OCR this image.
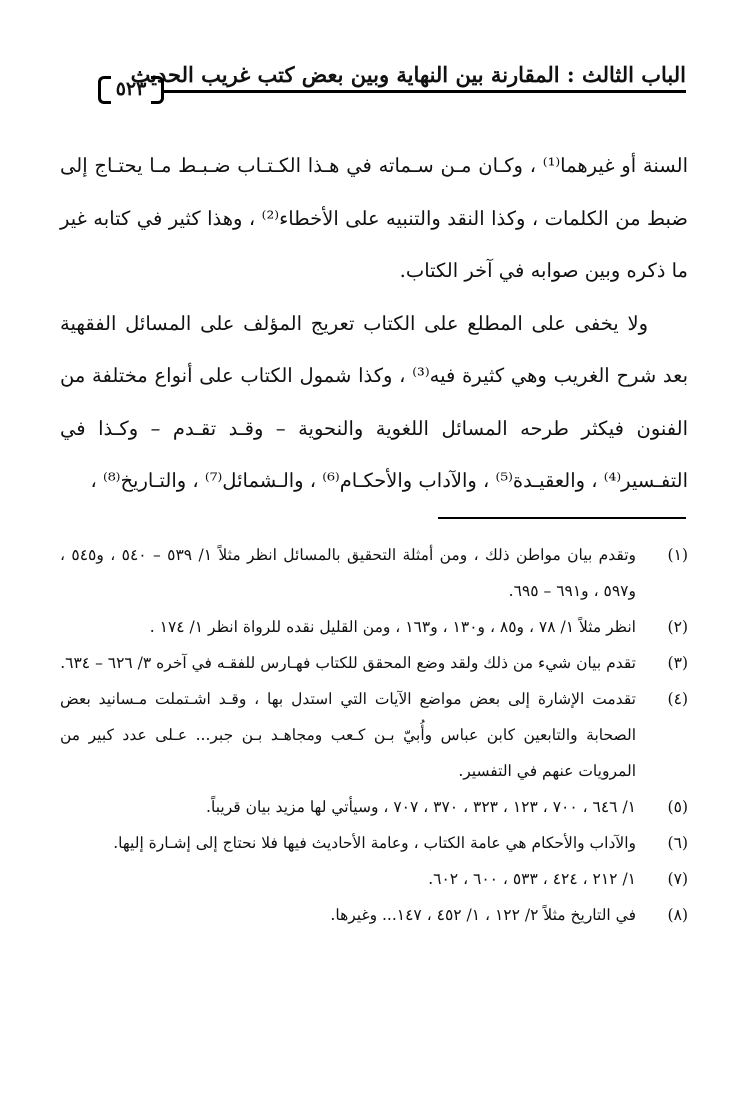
الباب الثالث : المقارنة بين النهاية وبين بعض كتب غريب الحديث
٥٢٣

السنة أو غيرهما⁽¹⁾ ، وكـان مـن سـماته في هـذا الكـتـاب ضـبـط مـا يحتـاج إلى ضبط من الكلمات ، وكذا النقد والتنبيه على الأخطاء⁽²⁾ ، وهذا كثير في كتابه غير ما ذكره وبين صوابه في آخر الكتاب.

ولا يخفى على المطلع على الكتاب تعريج المؤلف على المسائل الفقهية بعد شرح الغريب وهي كثيرة فيه⁽³⁾ ، وكذا شمول الكتاب على أنواع مختلفة من الفنون فيكثر طرحه المسائل اللغوية والنحوية – وقـد تقـدم – وكـذا في التفـسير⁽⁴⁾ ، والعقيـدة⁽⁵⁾ ، والآداب والأحكـام⁽⁶⁾ ، والـشمائل⁽⁷⁾ ، والتـاريخ⁽⁸⁾ ،

(١)
وتقدم بيان مواطن ذلك ، ومن أمثلة التحقيق بالمسائل انظر مثلاً ١/ ٥٣٩ – ٥٤٠ ، و٥٤٥ ، و٥٩٧ ، و٦٩١ – ٦٩٥.
(٢)
انظر مثلاً ١/ ٧٨ ، و٨٥ ، و١٣٠ ، و١٦٣ ، ومن القليل نقده للرواة انظر ١/ ١٧٤ .
(٣)
تقدم بيان شيء من ذلك ولقد وضع المحقق للكتاب فهـارس للفقـه في آخره ٣/ ٦٢٦ – ٦٣٤.
(٤)
تقدمت الإشارة إلى بعض مواضع الآيات التي استدل بها ، وقـد اشـتملت مـسانيد بعض الصحابة والتابعين كابن عباس وأُبيّ بـن كـعب ومجاهـد بـن جبر... عـلى عدد كبير من المرويات عنهم في التفسير.
(٥)
١/ ٦٤٦ ، ٧٠٠ ، ١٢٣ ، ٣٢٣ ، ٣٧٠ ، ٧٠٧ ، وسيأتي لها مزيد بيان قريباً.
(٦)
والآداب والأحكام هي عامة الكتاب ، وعامة الأحاديث فيها فلا نحتاج إلى إشـارة إليها.
(٧)
١/ ٢١٢ ، ٤٢٤ ، ٥٣٣ ، ٦٠٠ ، ٦٠٢.
(٨)
في التاريخ مثلاً ٢/ ١٢٢ ، ١/ ٤٥٢ ، ١٤٧... وغيرها.
